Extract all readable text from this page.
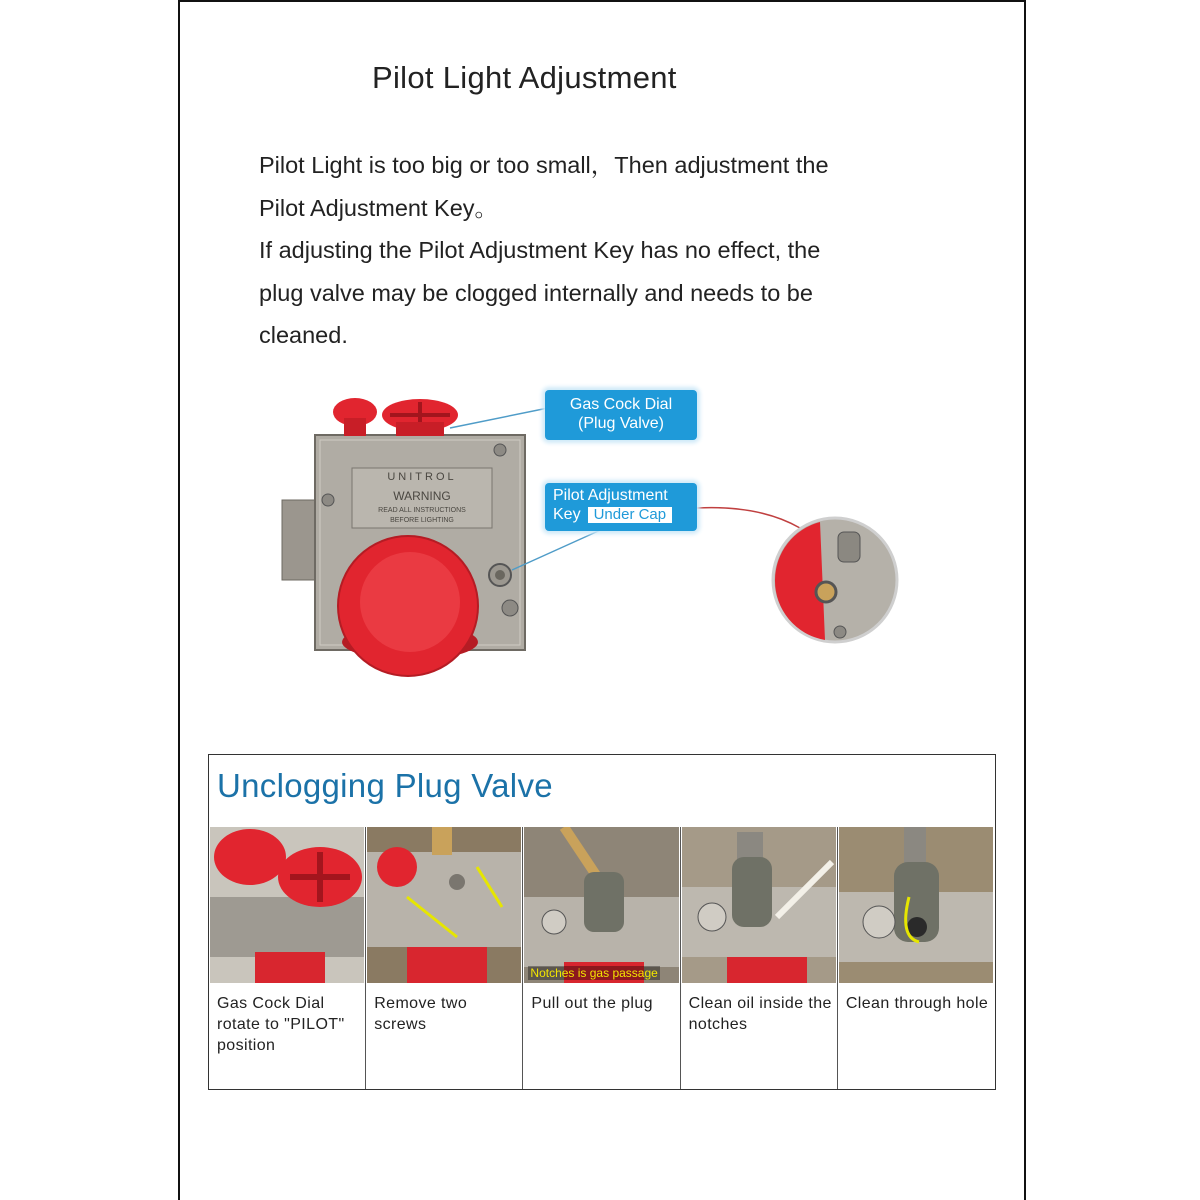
Pilot Light Adjustment

Pilot Light is too big or too small，Then adjustment the

Pilot Adjustment Key。

If adjusting the Pilot Adjustment Key has no effect, the

plug valve may be clogged internally and needs to be

cleaned.

UNITROL
WARNING
READ ALL INSTRUCTIONS
BEFORE LIGHTING
Gas Cock Dial
(Plug Valve)
Pilot Adjustment
Key Under Cap
Unclogging Plug Valve
Gas Cock Dial rotate to "PILOT" position
Remove two screws
Notches is gas passage
Pull out the plug	Clean oil inside the notches
Clean through hole
